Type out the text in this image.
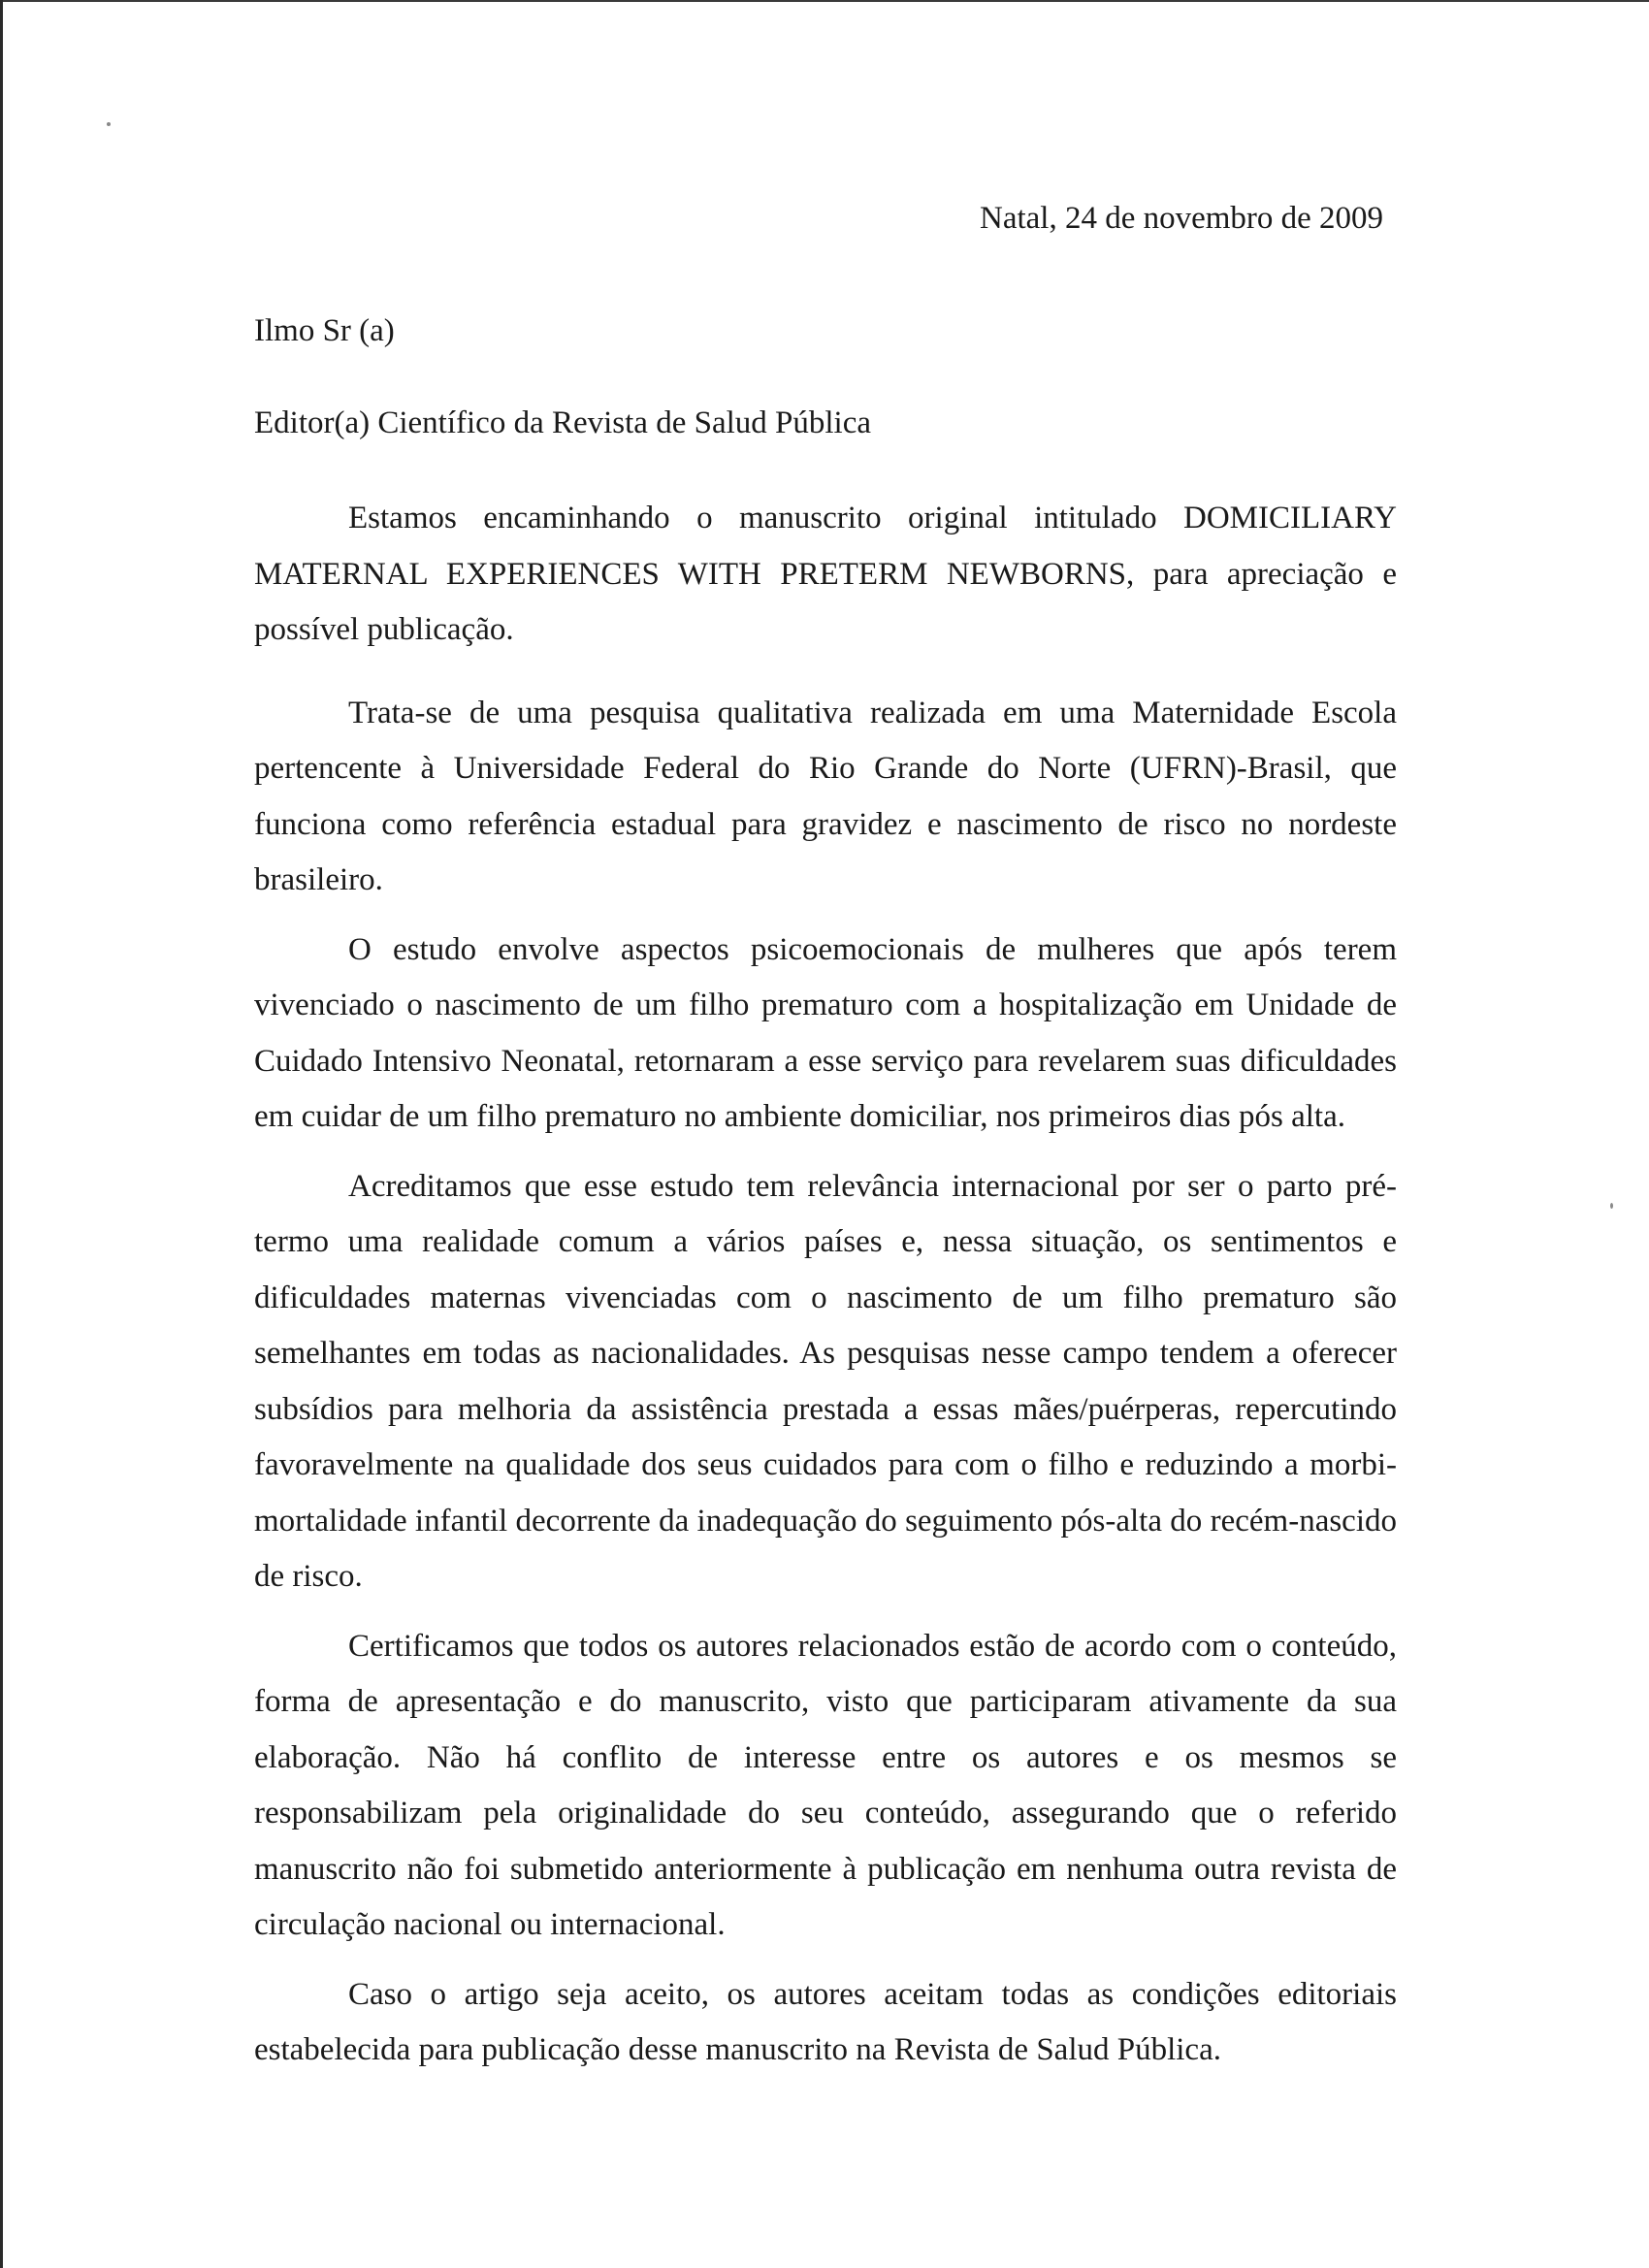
Natal, 24 de novembro de 2009
Ilmo Sr (a)
Editor(a) Científico da Revista de Salud Pública

Estamos encaminhando o manuscrito original intitulado DOMICILIARY MATERNAL EXPERIENCES WITH PRETERM NEWBORNS, para apreciação e possível publicação.

Trata-se de uma pesquisa qualitativa realizada em uma Maternidade Escola pertencente à Universidade Federal do Rio Grande do Norte (UFRN)-Brasil, que funciona como referência estadual para gravidez e nascimento de risco no nordeste brasileiro.

O estudo envolve aspectos psicoemocionais de mulheres que após terem vivenciado o nascimento de um filho prematuro com a hospitalização em Unidade de Cuidado Intensivo Neonatal, retornaram a esse serviço para revelarem suas dificuldades em cuidar de um filho prematuro no ambiente domiciliar, nos primeiros dias pós alta.

Acreditamos que esse estudo tem relevância internacional por ser o parto pré-termo uma realidade comum a vários países e, nessa situação, os sentimentos e dificuldades maternas vivenciadas com o nascimento de um filho prematuro são semelhantes em todas as nacionalidades. As pesquisas nesse campo tendem a oferecer subsídios para melhoria da assistência prestada a essas mães/puérperas, repercutindo favoravelmente na qualidade dos seus cuidados para com o filho e reduzindo a morbi-mortalidade infantil decorrente da inadequação do seguimento pós-alta do recém-nascido de risco.

Certificamos que todos os autores relacionados estão de acordo com o conteúdo, forma de apresentação e do manuscrito, visto que participaram ativamente da sua elaboração. Não há conflito de interesse entre os autores e os mesmos se responsabilizam pela originalidade do seu conteúdo, assegurando que o referido manuscrito não foi submetido anteriormente à publicação em nenhuma outra revista de circulação nacional ou internacional.

Caso o artigo seja aceito, os autores aceitam todas as condições editoriais estabelecida para publicação desse manuscrito na Revista de Salud Pública.
